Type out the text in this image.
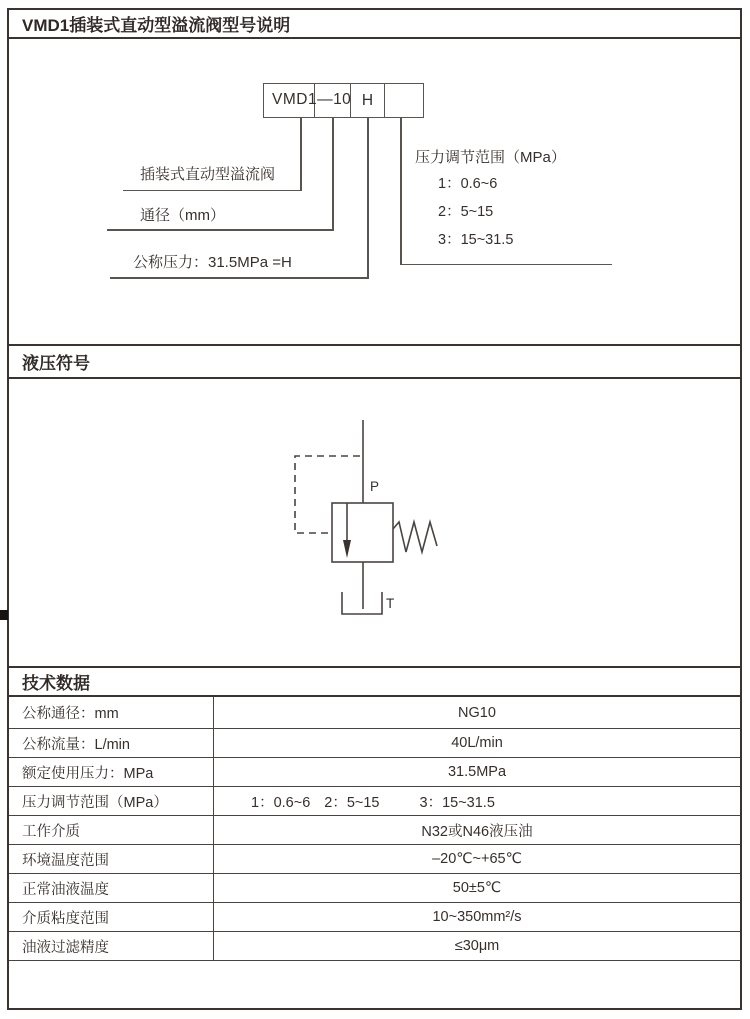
VMD1插装式直动型溢流阀型号说明
H
VMD1—10
插装式直动型溢流阀
通径（mm）
公称压力：31.5MPa =H
压力调节范围（MPa）
1：0.6~6
2：5~15
3：15~31.5
液压符号
P
T
技术数据
公称通径：mm	NG10
公称流量：L/min	40L/min
额定使用压力：MPa	31.5MPa
压力调节范围（MPa）	1：0.6~6 2：5~15	3：15~31.5
工作介质	N32或N46液压油
环境温度范围	–20℃~+65℃
正常油液温度	50±5℃
介质粘度范围	10~350mm²/s
油液过滤精度	≤30μm
